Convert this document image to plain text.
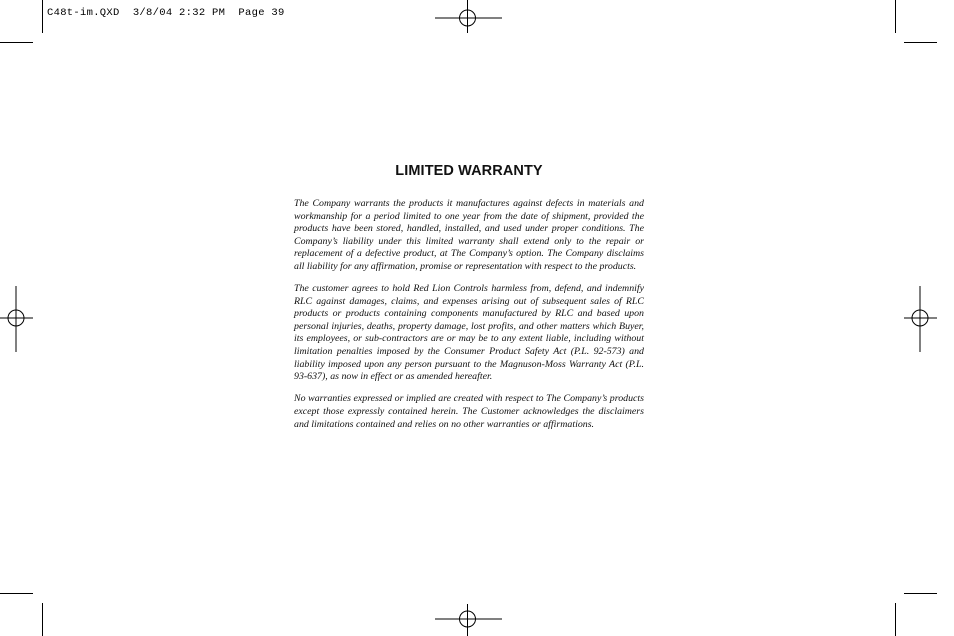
C48t-im.QXD  3/8/04 2:32 PM  Page 39
LIMITED WARRANTY

The Company warrants the products it manufactures against defects in materials and workmanship for a period limited to one year from the date of shipment, provided the products have been stored, handled, installed, and used under proper conditions. The Company’s liability under this limited warranty shall extend only to the repair or replacement of a defective product, at The Company’s option. The Company disclaims all liability for any affirmation, promise or representation with respect to the products.

The customer agrees to hold Red Lion Controls harmless from, defend, and indemnify RLC against damages, claims, and expenses arising out of subsequent sales of RLC products or products containing components manufactured by RLC and based upon personal injuries, deaths, property damage, lost profits, and other matters which Buyer, its employees, or sub-contractors are or may be to any extent liable, including without limitation penalties imposed by the Consumer Product Safety Act (P.L. 92-573) and liability imposed upon any person pursuant to the Magnuson-Moss Warranty Act (P.L. 93-637), as now in effect or as amended hereafter.

No warranties expressed or implied are created with respect to The Company’s products except those expressly contained herein. The Customer acknowledges the disclaimers and limitations contained and relies on no other warranties or affirmations.
